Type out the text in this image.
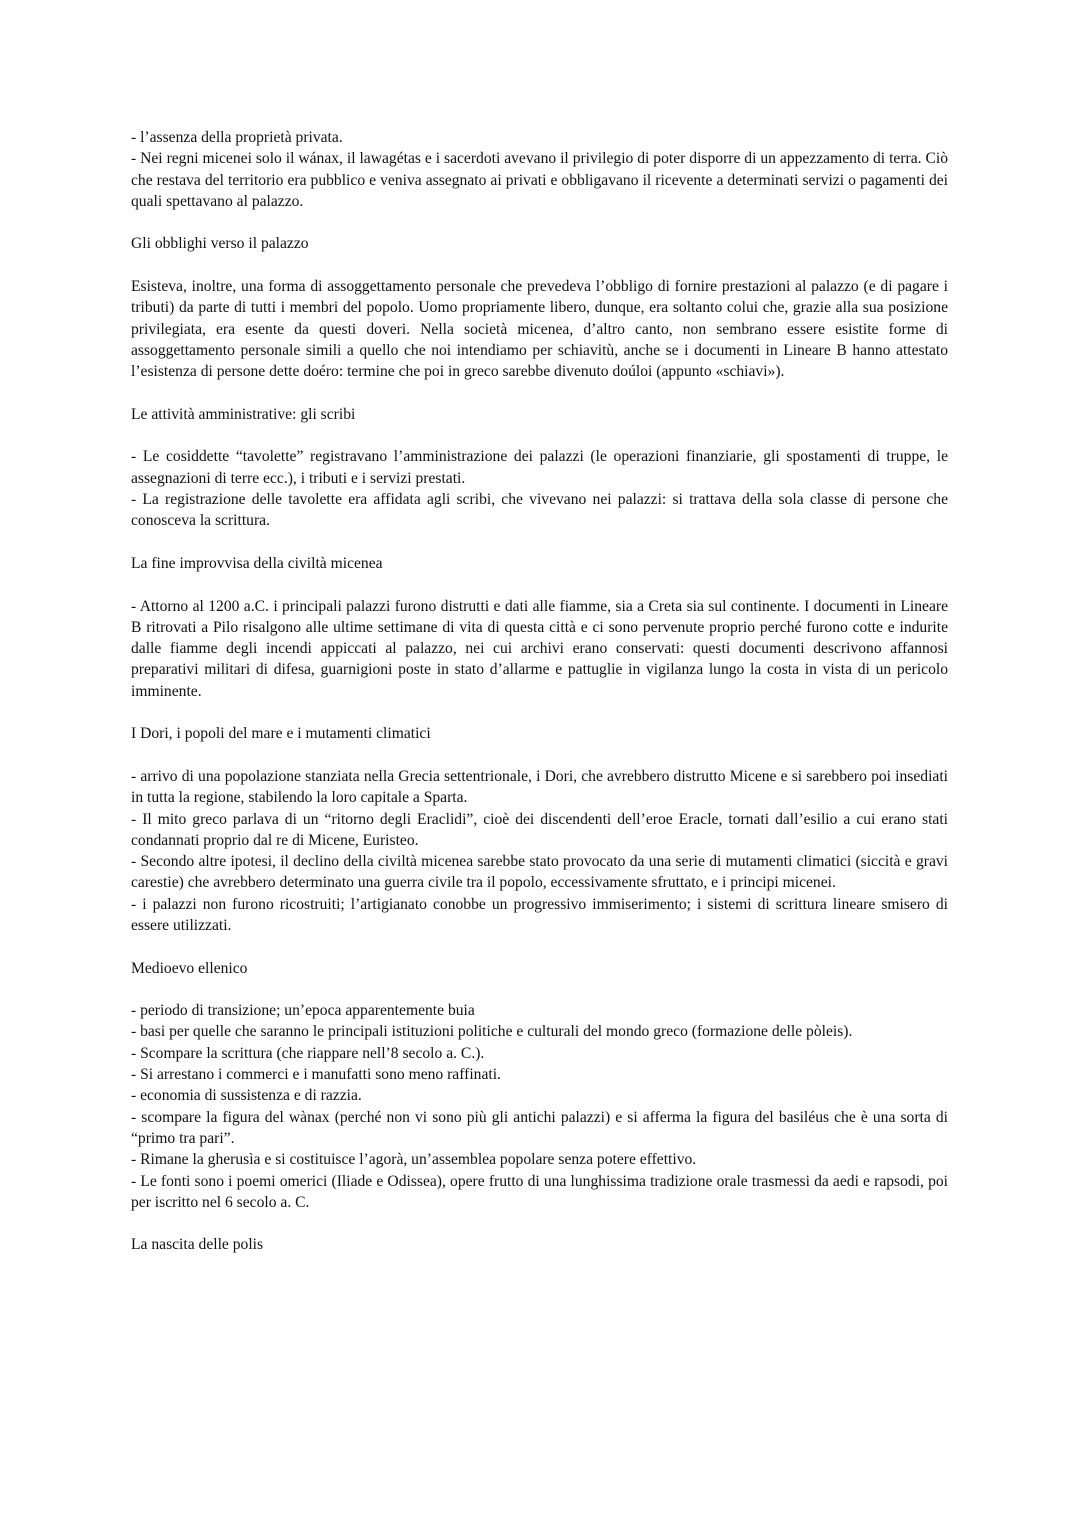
- l’assenza della proprietà privata.

- Nei regni micenei solo il wánax, il lawagétas e i sacerdoti avevano il privilegio di poter disporre di un appezzamento di terra. Ciò che restava del territorio era pubblico e veniva assegnato ai privati e obbligavano il ricevente a determinati servizi o pagamenti dei quali spettavano al palazzo.

Gli obblighi verso il palazzo

Esisteva, inoltre, una forma di assoggettamento personale che prevedeva l’obbligo di fornire prestazioni al palazzo (e di pagare i tributi) da parte di tutti i membri del popolo. Uomo propriamente libero, dunque, era soltanto colui che, grazie alla sua posizione privilegiata, era esente da questi doveri. Nella società micenea, d’altro canto, non sembrano essere esistite forme di assoggettamento personale simili a quello che noi intendiamo per schiavitù, anche se i documenti in Lineare B hanno attestato l’esistenza di persone dette doéro: termine che poi in greco sarebbe divenuto doúloi (appunto «schiavi»).

Le attività amministrative: gli scribi

- Le cosiddette “tavolette” registravano l’amministrazione dei palazzi (le operazioni finanziarie, gli spostamenti di truppe, le assegnazioni di terre ecc.), i tributi e i servizi prestati.

- La registrazione delle tavolette era affidata agli scribi, che vivevano nei palazzi: si trattava della sola classe di persone che conosceva la scrittura.

La fine improvvisa della civiltà micenea

- Attorno al 1200 a.C. i principali palazzi furono distrutti e dati alle fiamme, sia a Creta sia sul continente. I documenti in Lineare B ritrovati a Pilo risalgono alle ultime settimane di vita di questa città e ci sono pervenute proprio perché furono cotte e indurite dalle fiamme degli incendi appiccati al palazzo, nei cui archivi erano conservati: questi documenti descrivono affannosi preparativi militari di difesa, guarnigioni poste in stato d’allarme e pattuglie in vigilanza lungo la costa in vista di un pericolo imminente.

I Dori, i popoli del mare e i mutamenti climatici

- arrivo di una popolazione stanziata nella Grecia settentrionale, i Dori, che avrebbero distrutto Micene e si sarebbero poi insediati in tutta la regione, stabilendo la loro capitale a Sparta.

- Il mito greco parlava di un “ritorno degli Eraclidi”, cioè dei discendenti dell’eroe Eracle, tornati dall’esilio a cui erano stati condannati proprio dal re di Micene, Euristeo.

- Secondo altre ipotesi, il declino della civiltà micenea sarebbe stato provocato da una serie di mutamenti climatici (siccità e gravi carestie) che avrebbero determinato una guerra civile tra il popolo, eccessivamente sfruttato, e i principi micenei.

- i palazzi non furono ricostruiti; l’artigianato conobbe un progressivo immiserimento; i sistemi di scrittura lineare smisero di essere utilizzati.

Medioevo ellenico

- periodo di transizione; un’epoca apparentemente buia

- basi per quelle che saranno le principali istituzioni politiche e culturali del mondo greco (formazione delle pòleis).

- Scompare la scrittura (che riappare nell’8 secolo a. C.).

- Si arrestano i commerci e i manufatti sono meno raffinati.

- economia di sussistenza e di razzia.

- scompare la figura del wànax (perché non vi sono più gli antichi palazzi) e si afferma la figura del basiléus che è una sorta di “primo tra pari”.

- Rimane la gherusìa e si costituisce l’agorà, un’assemblea popolare senza potere effettivo.

- Le fonti sono i poemi omerici (Iliade e Odissea), opere frutto di una lunghissima tradizione orale trasmessi da aedi e rapsodi, poi per iscritto nel 6 secolo a. C.

La nascita delle polis
